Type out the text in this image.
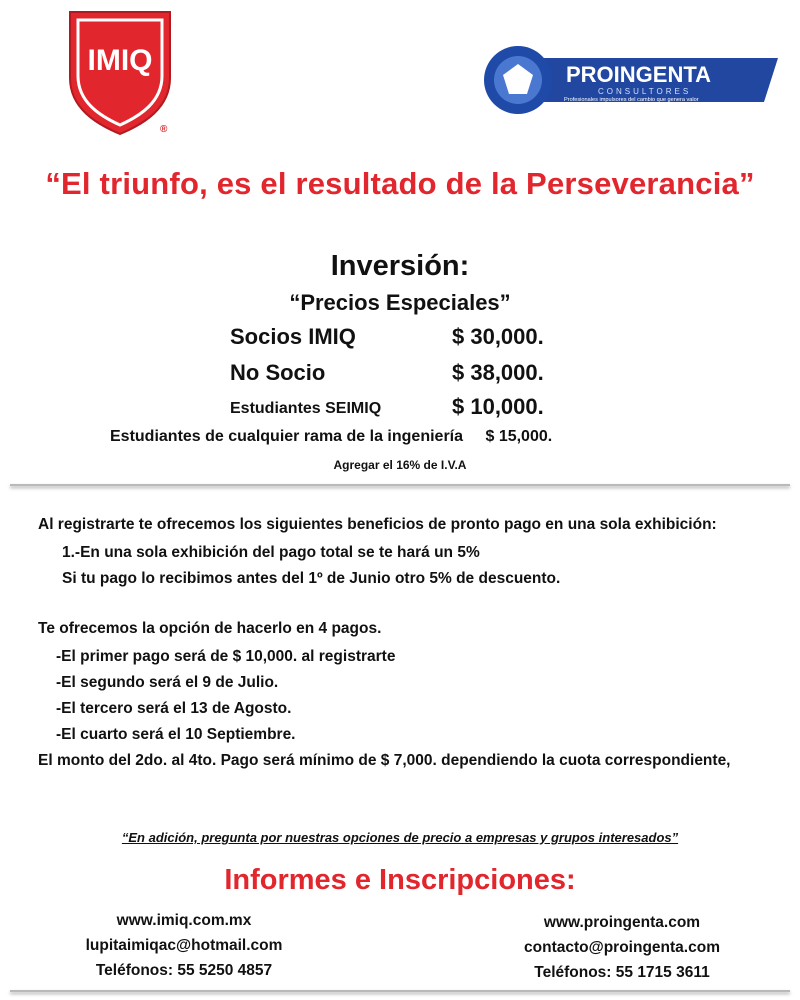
IMIQ
®
PROINGENTA
CONSULTORES
Profesionales impulsores del cambio que genera valor
“El triunfo, es el resultado de la Perseverancia”
Inversión:
“Precios Especiales”
Socios IMIQ	$ 30,000.
No Socio	$ 38,000.
Estudiantes SEIMIQ	$ 10,000.
Estudiantes de cualquier rama de la ingeniería $ 15,000.
Agregar el 16% de I.V.A
Al registrarte te ofrecemos los siguientes beneficios de pronto pago en una sola exhibición:
1.-En una sola exhibición del pago total se te hará un 5%
Si tu pago lo recibimos antes del 1º de Junio otro 5% de descuento.
Te ofrecemos la opción de hacerlo en 4 pagos.
-El primer pago será de $ 10,000. al registrarte
-El segundo será el 9 de Julio.
-El tercero será el 13 de Agosto.
-El cuarto será el 10 Septiembre.
El monto del 2do. al 4to. Pago será mínimo de $ 7,000. dependiendo la cuota correspondiente,
“En adición, pregunta por nuestras opciones de precio a empresas y grupos interesados”
Informes e Inscripciones:
www.imiq.com.mx
lupitaimiqac@hotmail.com
Teléfonos: 55 5250 4857
www.proingenta.com
contacto@proingenta.com
Teléfonos: 55 1715 3611
